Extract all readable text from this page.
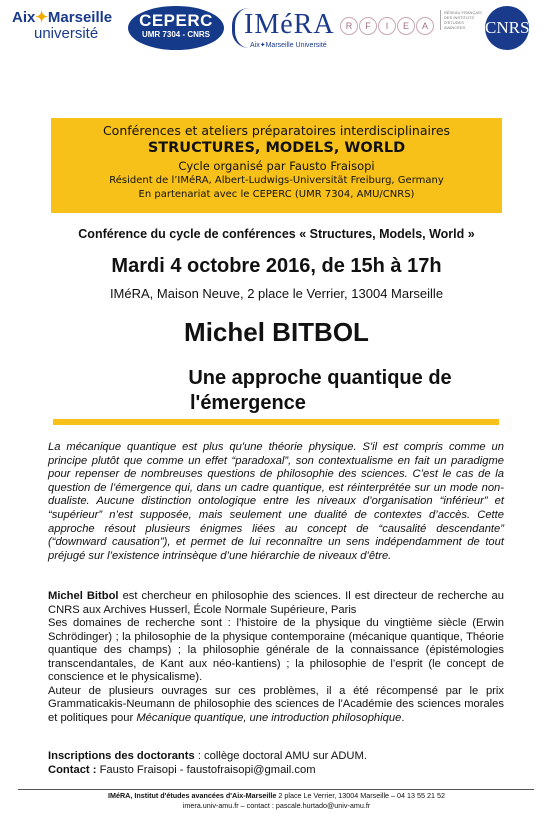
Aix✦Marseille
université
CEPERC
UMR 7304 - CNRS	IMéRA
Aix✦Marseille Université
R F I E A
RÉSEAU FRANÇAIS DES INSTITUTS D'ÉTUDES AVANCÉES	CNRS
Conférences et ateliers préparatoires interdisciplinaires
STRUCTURES, MODELS, WORLD
Cycle organisé par Fausto Fraisopi
Résident de l’IMéRA, Albert-Ludwigs-Universität Freiburg, Germany
En partenariat avec le CEPERC (UMR 7304, AMU/CNRS)
Conférence du cycle de conférences « Structures, Models, World »
Mardi 4 octobre 2016, de 15h à 17h
IMéRA, Maison Neuve, 2 place le Verrier, 13004 Marseille
Michel BITBOL
Une approche quantique de
l'émergence
La mécanique quantique est plus qu'une théorie physique. S'il est compris comme un principe plutôt que comme un effet “paradoxal”, son contextualisme en fait un paradigme pour repenser de nombreuses questions de philosophie des sciences. C’est le cas de la question de l’émergence qui, dans un cadre quantique, est réinterprétée sur un mode non-dualiste. Aucune distinction ontologique entre les niveaux d’organisation “inférieur” et “supérieur” n’est supposée, mais seulement une dualité de contextes d’accès. Cette approche résout plusieurs énigmes liées au concept de “causalité descendante” (“downward causation”), et permet de lui reconnaître un sens indépendamment de tout préjugé sur l’existence intrinsèque d’une hiérarchie de niveaux d’être.

Michel Bitbol est chercheur en philosophie des sciences. Il est directeur de recherche au CNRS aux Archives Husserl, École Normale Supérieure, Paris

Ses domaines de recherche sont : l’histoire de la physique du vingtième siècle (Erwin Schrödinger) ; la philosophie de la physique contemporaine (mécanique quantique, Théorie quantique des champs) ; la philosophie générale de la connaissance (épistémologies transcendantales, de Kant aux néo-kantiens) ; la philosophie de l’esprit (le concept de conscience et le physicalisme).

Auteur de plusieurs ouvrages sur ces problèmes, il a été récompensé par le prix Grammaticakis-Neumann de philosophie des sciences de l'Académie des sciences morales et politiques pour Mécanique quantique, une introduction philosophique.

Inscriptions des doctorants : collège doctoral AMU sur ADUM.

Contact : Fausto Fraisopi - faustofraisopi@gmail.com

IMéRA, Institut d'études avancées d'Aix-Marseille 2 place Le Verrier, 13004 Marseille – 04 13 55 21 52
imera.univ-amu.fr – contact : pascale.hurtado@univ-amu.fr
